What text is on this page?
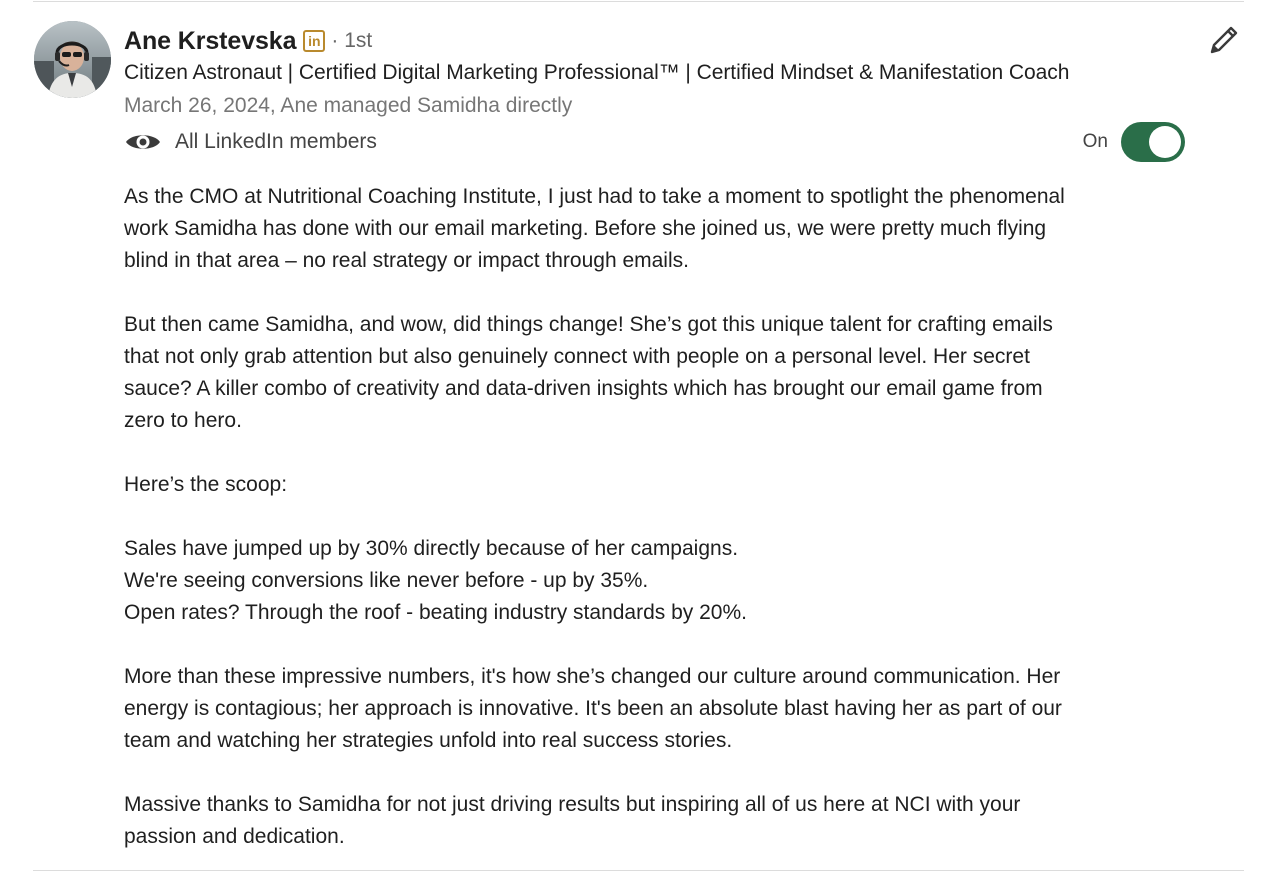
Ane Krstevska in · 1st
Citizen Astronaut | Certified Digital Marketing Professional™ | Certified Mindset & Manifestation Coach
March 26, 2024, Ane managed Samidha directly
All LinkedIn members	On

As the CMO at Nutritional Coaching Institute, I just had to take a moment to spotlight the phenomenal
work Samidha has done with our email marketing. Before she joined us, we were pretty much flying
blind in that area – no real strategy or impact through emails.

But then came Samidha, and wow, did things change! She’s got this unique talent for crafting emails
that not only grab attention but also genuinely connect with people on a personal level. Her secret
sauce? A killer combo of creativity and data-driven insights which has brought our email game from
zero to hero.

Here’s the scoop:

Sales have jumped up by 30% directly because of her campaigns.
We're seeing conversions like never before - up by 35%.
Open rates? Through the roof - beating industry standards by 20%.

More than these impressive numbers, it's how she’s changed our culture around communication. Her
energy is contagious; her approach is innovative. It's been an absolute blast having her as part of our
team and watching her strategies unfold into real success stories.

Massive thanks to Samidha for not just driving results but inspiring all of us here at NCI with your
passion and dedication.
